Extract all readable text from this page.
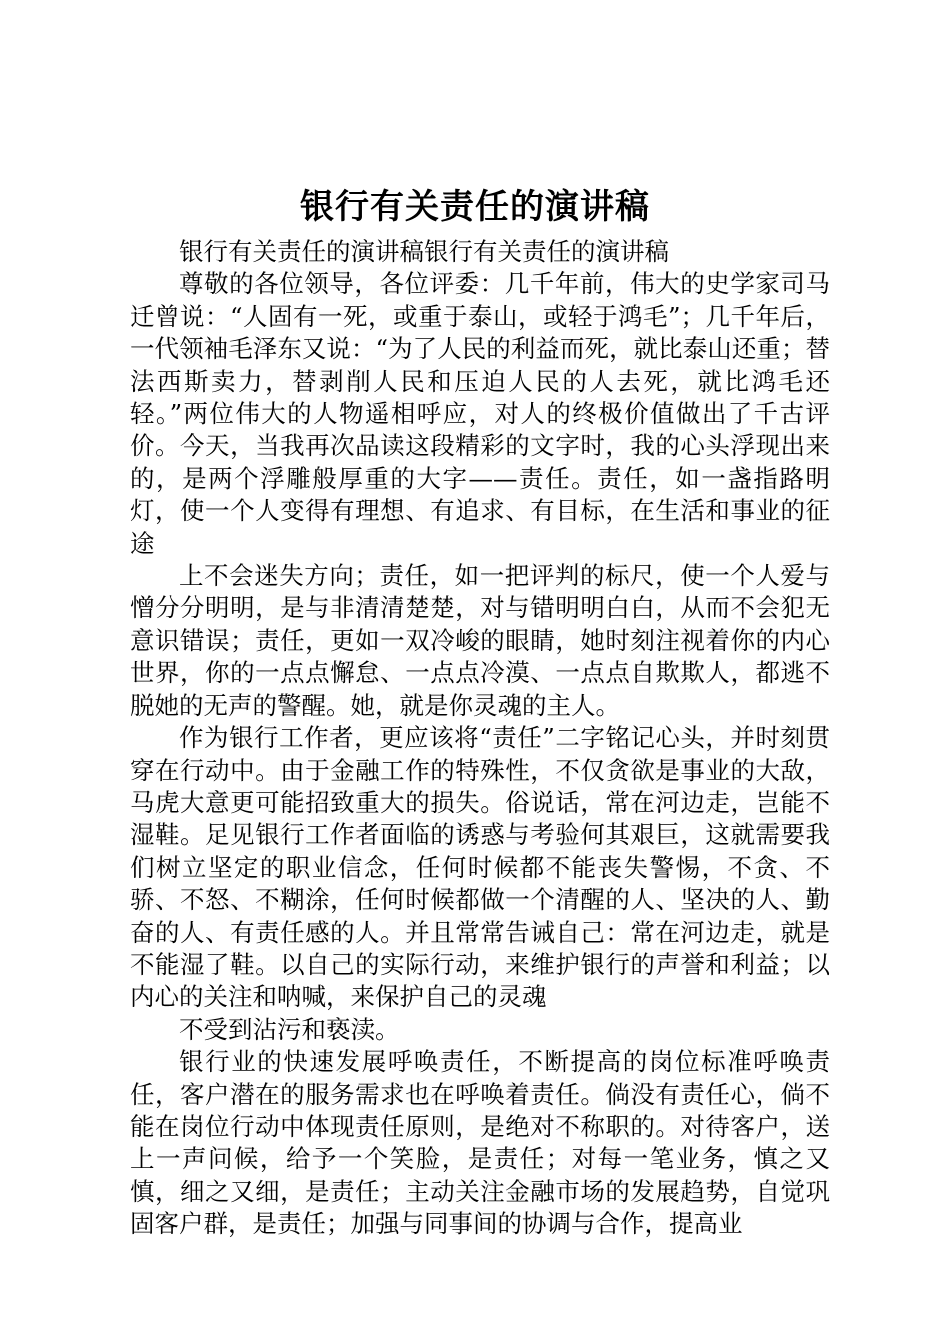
银行有关责任的演讲稿

银行有关责任的演讲稿银行有关责任的演讲稿

尊敬的各位领导，各位评委：几千年前，伟大的史学家司马迁曾说：“人固有一死，或重于泰山，或轻于鸿毛”；几千年后，一代领袖毛泽东又说：“为了人民的利益而死，就比泰山还重；替法西斯卖力，替剥削人民和压迫人民的人去死，就比鸿毛还轻。”两位伟大的人物遥相呼应，对人的终极价值做出了千古评价。今天，当我再次品读这段精彩的文字时，我的心头浮现出来的，是两个浮雕般厚重的大字——责任。责任，如一盏指路明灯，使一个人变得有理想、有追求、有目标，在生活和事业的征途

上不会迷失方向；责任，如一把评判的标尺，使一个人爱与憎分分明明，是与非清清楚楚，对与错明明白白，从而不会犯无意识错误；责任，更如一双冷峻的眼睛，她时刻注视着你的内心世界，你的一点点懈怠、一点点冷漠、一点点自欺欺人，都逃不脱她的无声的警醒。她，就是你灵魂的主人。

作为银行工作者，更应该将“责任”二字铭记心头，并时刻贯穿在行动中。由于金融工作的特殊性，不仅贪欲是事业的大敌，马虎大意更可能招致重大的损失。俗说话，常在河边走，岂能不湿鞋。足见银行工作者面临的诱惑与考验何其艰巨，这就需要我们树立坚定的职业信念，任何时候都不能丧失警惕，不贪、不骄、不怒、不糊涂，任何时候都做一个清醒的人、坚决的人、勤奋的人、有责任感的人。并且常常告诫自己：常在河边走，就是不能湿了鞋。以自己的实际行动，来维护银行的声誉和利益；以内心的关注和呐喊，来保护自己的灵魂

不受到沾污和亵渎。

银行业的快速发展呼唤责任，不断提高的岗位标准呼唤责任，客户潜在的服务需求也在呼唤着责任。倘没有责任心，倘不能在岗位行动中体现责任原则，是绝对不称职的。对待客户，送上一声问候，给予一个笑脸，是责任；对每一笔业务，慎之又慎，细之又细，是责任；主动关注金融市场的发展趋势，自觉巩固客户群，是责任；加强与同事间的协调与合作，提高业
